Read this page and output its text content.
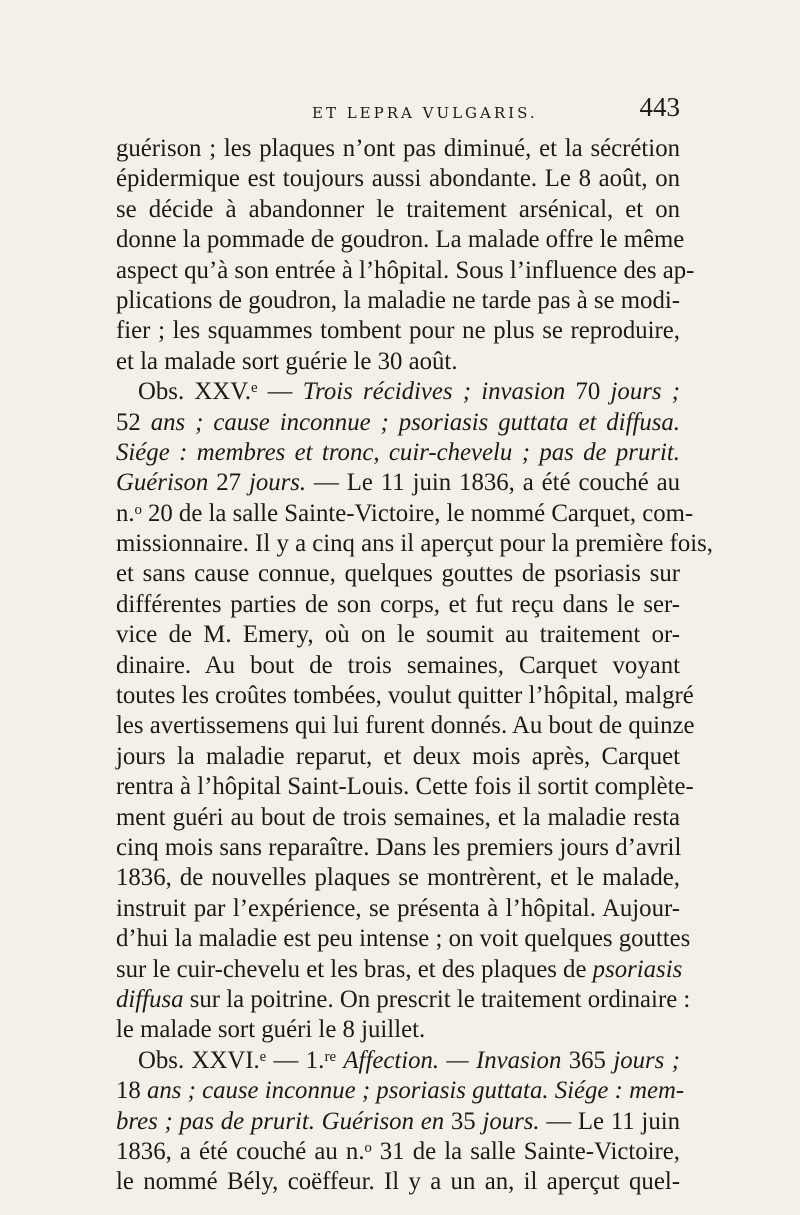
ET LEPRA VULGARIS.	443
guérison ; les plaques n’ont pas diminué, et la sécrétion
épidermique est toujours aussi abondante. Le 8 août, on
se décide à abandonner le traitement arsénical, et on
donne la pommade de goudron. La malade offre le même
aspect qu’à son entrée à l’hôpital. Sous l’influence des ap-
plications de goudron, la maladie ne tarde pas à se modi-
fier ; les squammes tombent pour ne plus se reproduire,
et la malade sort guérie le 30 août.
Obs. XXV.ᵉ — Trois récidives ; invasion 70 jours ;
52 ans ; cause inconnue ; psoriasis guttata et diffusa.
Siége : membres et tronc, cuir-chevelu ; pas de prurit.
Guérison 27 jours. — Le 11 juin 1836, a été couché au
n.ᵒ 20 de la salle Sainte-Victoire, le nommé Carquet, com-
missionnaire. Il y a cinq ans il aperçut pour la première fois,
et sans cause connue, quelques gouttes de psoriasis sur
différentes parties de son corps, et fut reçu dans le ser-
vice de M. Emery, où on le soumit au traitement or-
dinaire. Au bout de trois semaines, Carquet voyant
toutes les croûtes tombées, voulut quitter l’hôpital, malgré
les avertissemens qui lui furent donnés. Au bout de quinze
jours la maladie reparut, et deux mois après, Carquet
rentra à l’hôpital Saint-Louis. Cette fois il sortit complète-
ment guéri au bout de trois semaines, et la maladie resta
cinq mois sans reparaître. Dans les premiers jours d’avril
1836, de nouvelles plaques se montrèrent, et le malade,
instruit par l’expérience, se présenta à l’hôpital. Aujour-
d’hui la maladie est peu intense ; on voit quelques gouttes
sur le cuir-chevelu et les bras, et des plaques de psoriasis
diffusa sur la poitrine. On prescrit le traitement ordinaire :
le malade sort guéri le 8 juillet.
Obs. XXVI.ᵉ — 1.ʳᵉ Affection. — Invasion 365 jours ;
18 ans ; cause inconnue ; psoriasis guttata. Siége : mem-
bres ; pas de prurit. Guérison en 35 jours. — Le 11 juin
1836, a été couché au n.ᵒ 31 de la salle Sainte-Victoire,
le nommé Bély, coëffeur. Il y a un an, il aperçut quel-
